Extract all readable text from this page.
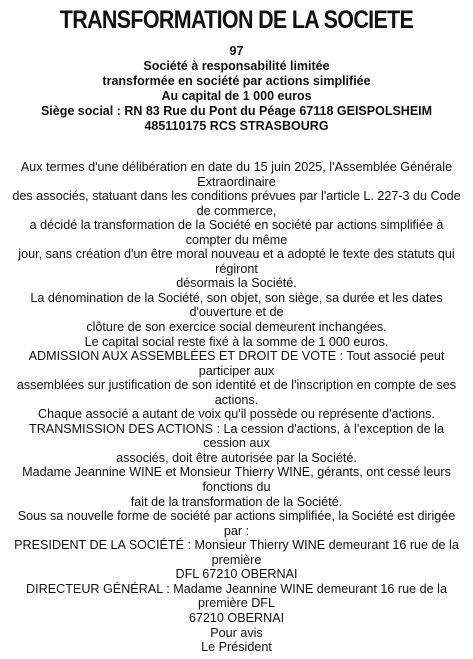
TRANSFORMATION DE LA SOCIETE
97
Société à responsabilité limitée
transformée en société par actions simplifiée
Au capital de 1 000 euros
Siège social : RN 83 Rue du Pont du Péage 67118 GEISPOLSHEIM
485110175 RCS STRASBOURG
Aux termes d'une délibération en date du 15 juin 2025, l'Assemblée Générale
Extraordinaire
des associés, statuant dans les conditions prévues par l'article L. 227-3 du Code
de commerce,
a décidé la transformation de la Société en société par actions simplifiée à
compter du même
jour, sans création d'un être moral nouveau et a adopté le texte des statuts qui
régiront
désormais la Société.
La dénomination de la Société, son objet, son siège, sa durée et les dates
d'ouverture et de
clôture de son exercice social demeurent inchangées.
Le capital social reste fixé à la somme de 1 000 euros.
ADMISSION AUX ASSEMBLÉES ET DROIT DE VOTE : Tout associé peut
participer aux
assemblées sur justification de son identité et de l'inscription en compte de ses
actions.
Chaque associé a autant de voix qu'il possède ou représente d'actions.
TRANSMISSION DES ACTIONS : La cession d'actions, à l'exception de la
cession aux
associés, doit être autorisée par la Société.
Madame Jeannine WINE et Monsieur Thierry WINE, gérants, ont cessé leurs
fonctions du
fait de la transformation de la Société.
Sous sa nouvelle forme de société par actions simplifiée, la Société est dirigée
par :
PRESIDENT DE LA SOCIÉTÉ : Monsieur Thierry WINE demeurant 16 rue de la
première
DFL 67210 OBERNAI
DIRECTEUR GÉNÉRAL : Madame Jeannine WINE demeurant 16 rue de la
première DFL
67210 OBERNAI
Pour avis
Le Président
